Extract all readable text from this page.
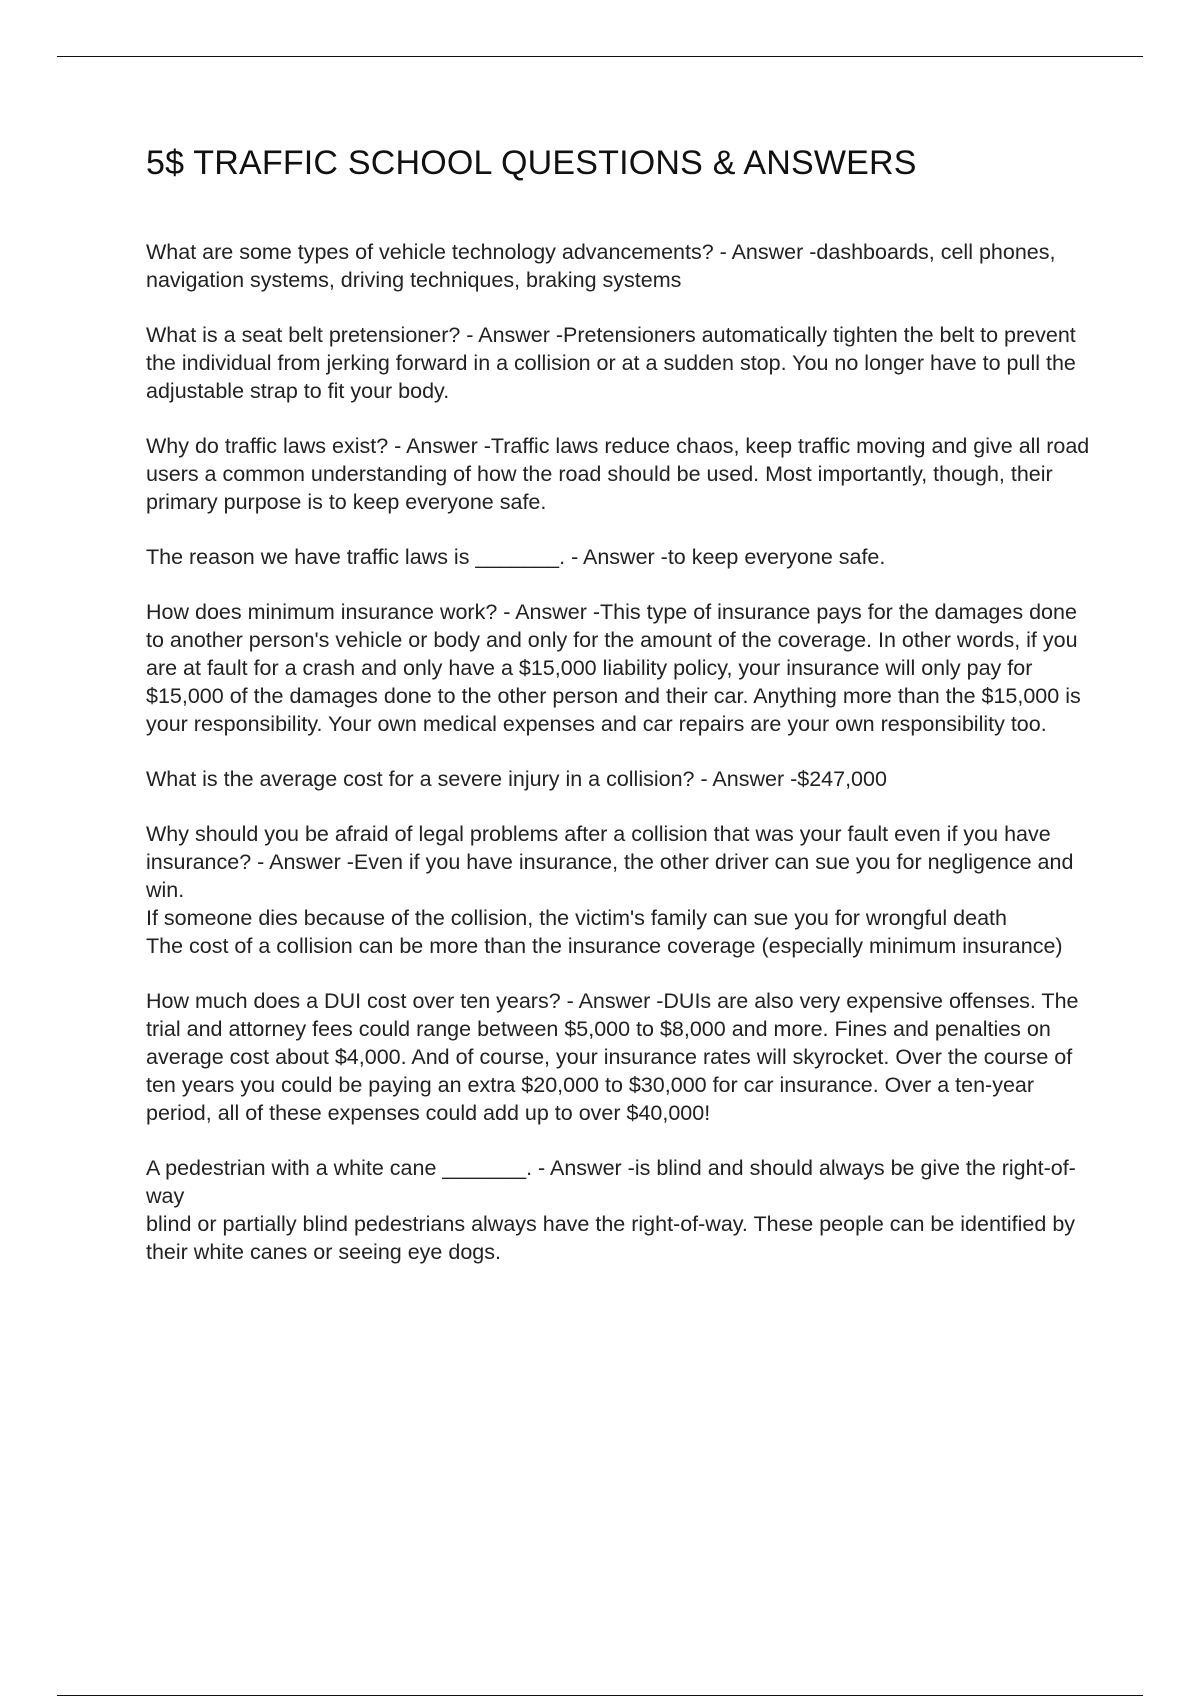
5$ TRAFFIC SCHOOL QUESTIONS & ANSWERS

What are some types of vehicle technology advancements? - Answer -dashboards, cell phones, navigation systems, driving techniques, braking systems

What is a seat belt pretensioner? - Answer -Pretensioners automatically tighten the belt to prevent the individual from jerking forward in a collision or at a sudden stop. You no longer have to pull the adjustable strap to fit your body.

Why do traffic laws exist? - Answer -Traffic laws reduce chaos, keep traffic moving and give all road users a common understanding of how the road should be used. Most importantly, though, their primary purpose is to keep everyone safe.

The reason we have traffic laws is _______. - Answer -to keep everyone safe.

How does minimum insurance work? - Answer -This type of insurance pays for the damages done to another person's vehicle or body and only for the amount of the coverage. In other words, if you are at fault for a crash and only have a $15,000 liability policy, your insurance will only pay for $15,000 of the damages done to the other person and their car. Anything more than the $15,000 is your responsibility. Your own medical expenses and car repairs are your own responsibility too.

What is the average cost for a severe injury in a collision? - Answer -$247,000

Why should you be afraid of legal problems after a collision that was your fault even if you have insurance? - Answer -Even if you have insurance, the other driver can sue you for negligence and win.
If someone dies because of the collision, the victim's family can sue you for wrongful death
The cost of a collision can be more than the insurance coverage (especially minimum insurance)

How much does a DUI cost over ten years? - Answer -DUIs are also very expensive offenses. The trial and attorney fees could range between $5,000 to $8,000 and more. Fines and penalties on average cost about $4,000. And of course, your insurance rates will skyrocket. Over the course of ten years you could be paying an extra $20,000 to $30,000 for car insurance. Over a ten-year period, all of these expenses could add up to over $40,000!

A pedestrian with a white cane _______. - Answer -is blind and should always be give the right-of-way
blind or partially blind pedestrians always have the right-of-way. These people can be identified by their white canes or seeing eye dogs.
